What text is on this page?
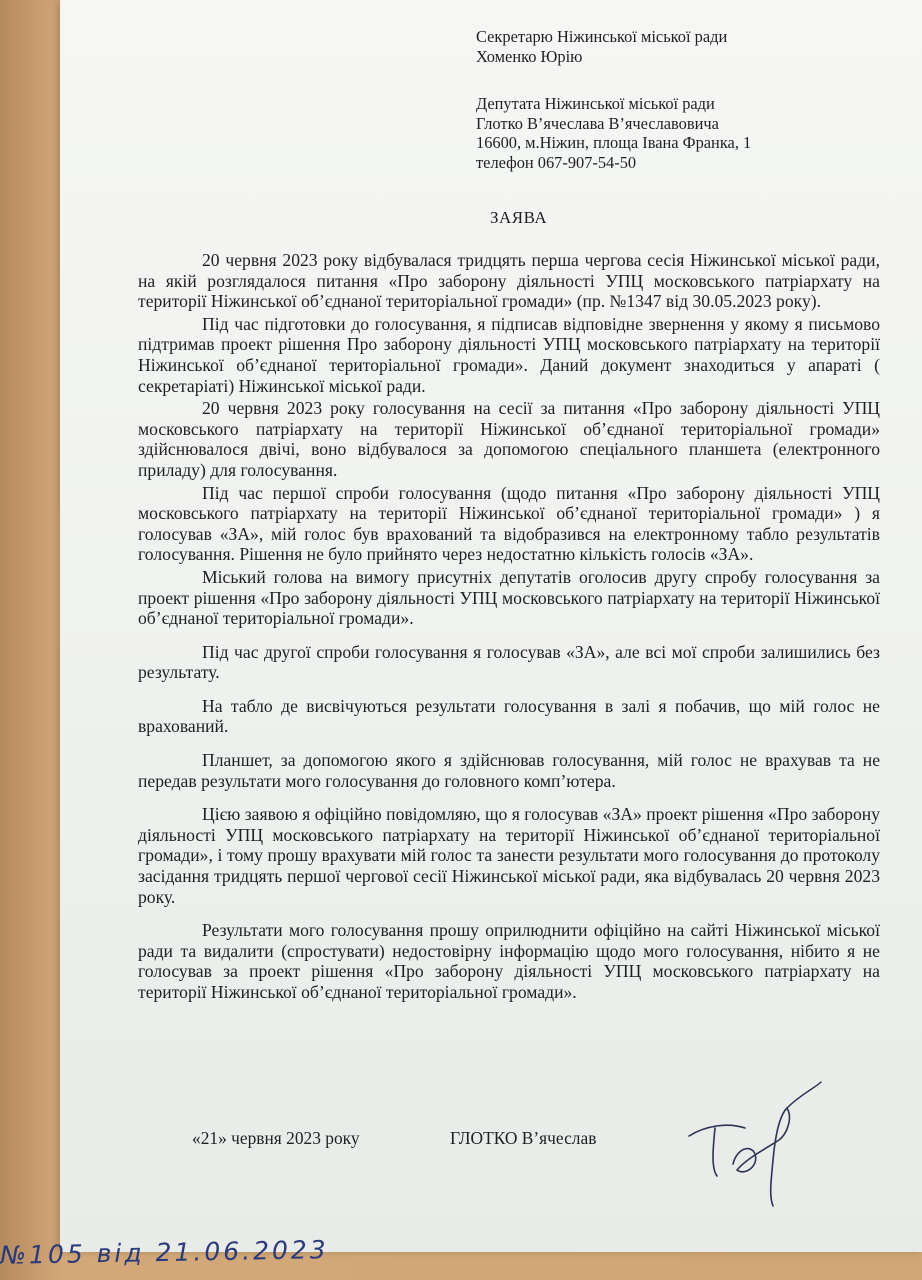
Секретарю Ніжинської міської ради
Хоменко Юрію
Депутата Ніжинської міської ради
Глотко В’ячеслава В’ячеславовича
16600, м.Ніжин, площа Івана Франка, 1
телефон 067-907-54-50
ЗАЯВА

20 червня 2023 року відбувалася тридцять перша чергова сесія Ніжинської міської ради, на якій розглядалося питання «Про заборону діяльності УПЦ московського патріархату на території Ніжинської об’єднаної територіальної громади» (пр. №1347 від 30.05.2023 року).

Під час підготовки до голосування, я підписав відповідне звернення у якому я письмово підтримав проект рішення Про заборону діяльності УПЦ московського патріархату на території Ніжинської об’єднаної територіальної громади». Даний документ знаходиться у апараті ( секретаріаті) Ніжинської міської ради.

20 червня 2023 року голосування на сесії за питання «Про заборону діяльності УПЦ московського патріархату на території Ніжинської об’єднаної територіальної громади» здійснювалося двічі, воно відбувалося за допомогою спеціального планшета (електронного приладу) для голосування.

Під час першої спроби голосування (щодо питання «Про заборону діяльності УПЦ московського патріархату на території Ніжинської об’єднаної територіальної громади» ) я голосував «ЗА», мій голос був врахований та відобразився на електронному табло результатів голосування. Рішення не було прийнято через недостатню кількість голосів «ЗА».

Міський голова на вимогу присутніх депутатів оголосив другу спробу голосування за проект рішення «Про заборону діяльності УПЦ московського патріархату на території Ніжинської об’єднаної територіальної громади».

Під час другої спроби голосування я голосував «ЗА», але всі мої спроби залишились без результату.

На табло де висвічуються результати голосування в залі я побачив, що мій голос не врахований.

Планшет, за допомогою якого я здійснював голосування, мій голос не врахував та не передав результати мого голосування до головного комп’ютера.

Цією заявою я офіційно повідомляю, що я голосував «ЗА» проект рішення «Про заборону діяльності УПЦ московського патріархату на території Ніжинської об’єднаної територіальної громади», і тому прошу врахувати мій голос та занести результати мого голосування до протоколу засідання тридцять першої чергової сесії Ніжинської міської ради, яка відбувалась 20 червня 2023 року.

Результати мого голосування прошу оприлюднити офіційно на сайті Ніжинської міської ради та видалити (спростувати) недостовірну інформацію щодо мого голосування, нібито я не голосував за проект рішення «Про заборону діяльності УПЦ московського патріархату на території Ніжинської об’єднаної територіальної громади».

«21» червня 2023 року	ГЛОТКО В’ячеслав
№105 від 21.06.2023
